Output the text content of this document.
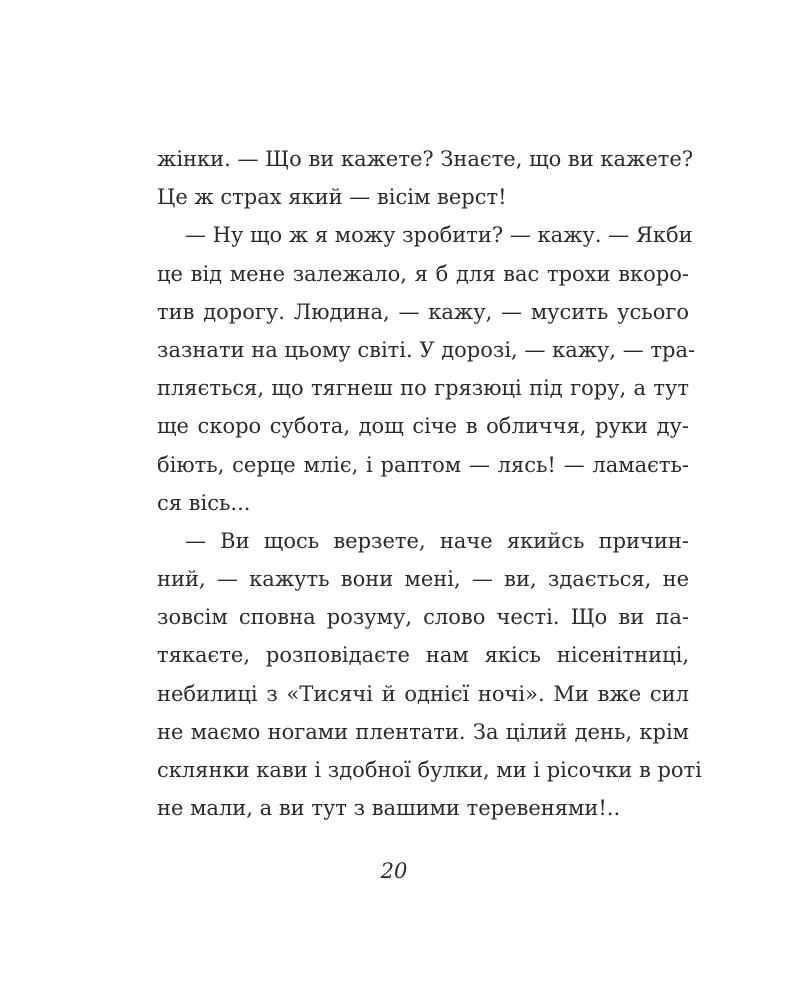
жінки. — Що ви кажете? Знаєте, що ви кажете?
Це ж страх який — вісім верст!
— Ну що ж я можу зробити? — кажу. — Якби
це від мене залежало, я б для вас трохи вкоро-
тив дорогу. Людина, — кажу, — мусить усього
зазнати на цьому світі. У дорозі, — кажу, — тра-
пляється, що тягнеш по грязюці під гору, а тут
ще скоро субота, дощ січе в обличчя, руки ду-
біють, серце мліє, і раптом — лясь! — ламаєть-
ся вісь...
— Ви щось верзете, наче якийсь причин-
ний, — кажуть вони мені, — ви, здається, не
зовсім сповна розуму, слово честі. Що ви па-
тякаєте, розповідаєте нам якісь нісенітниці,
небилиці з «Тисячі й однієї ночі». Ми вже сил
не маємо ногами плентати. За цілий день, крім
склянки кави і здобної булки, ми і рісочки в роті
не мали, а ви тут з вашими теревенями!..
20
